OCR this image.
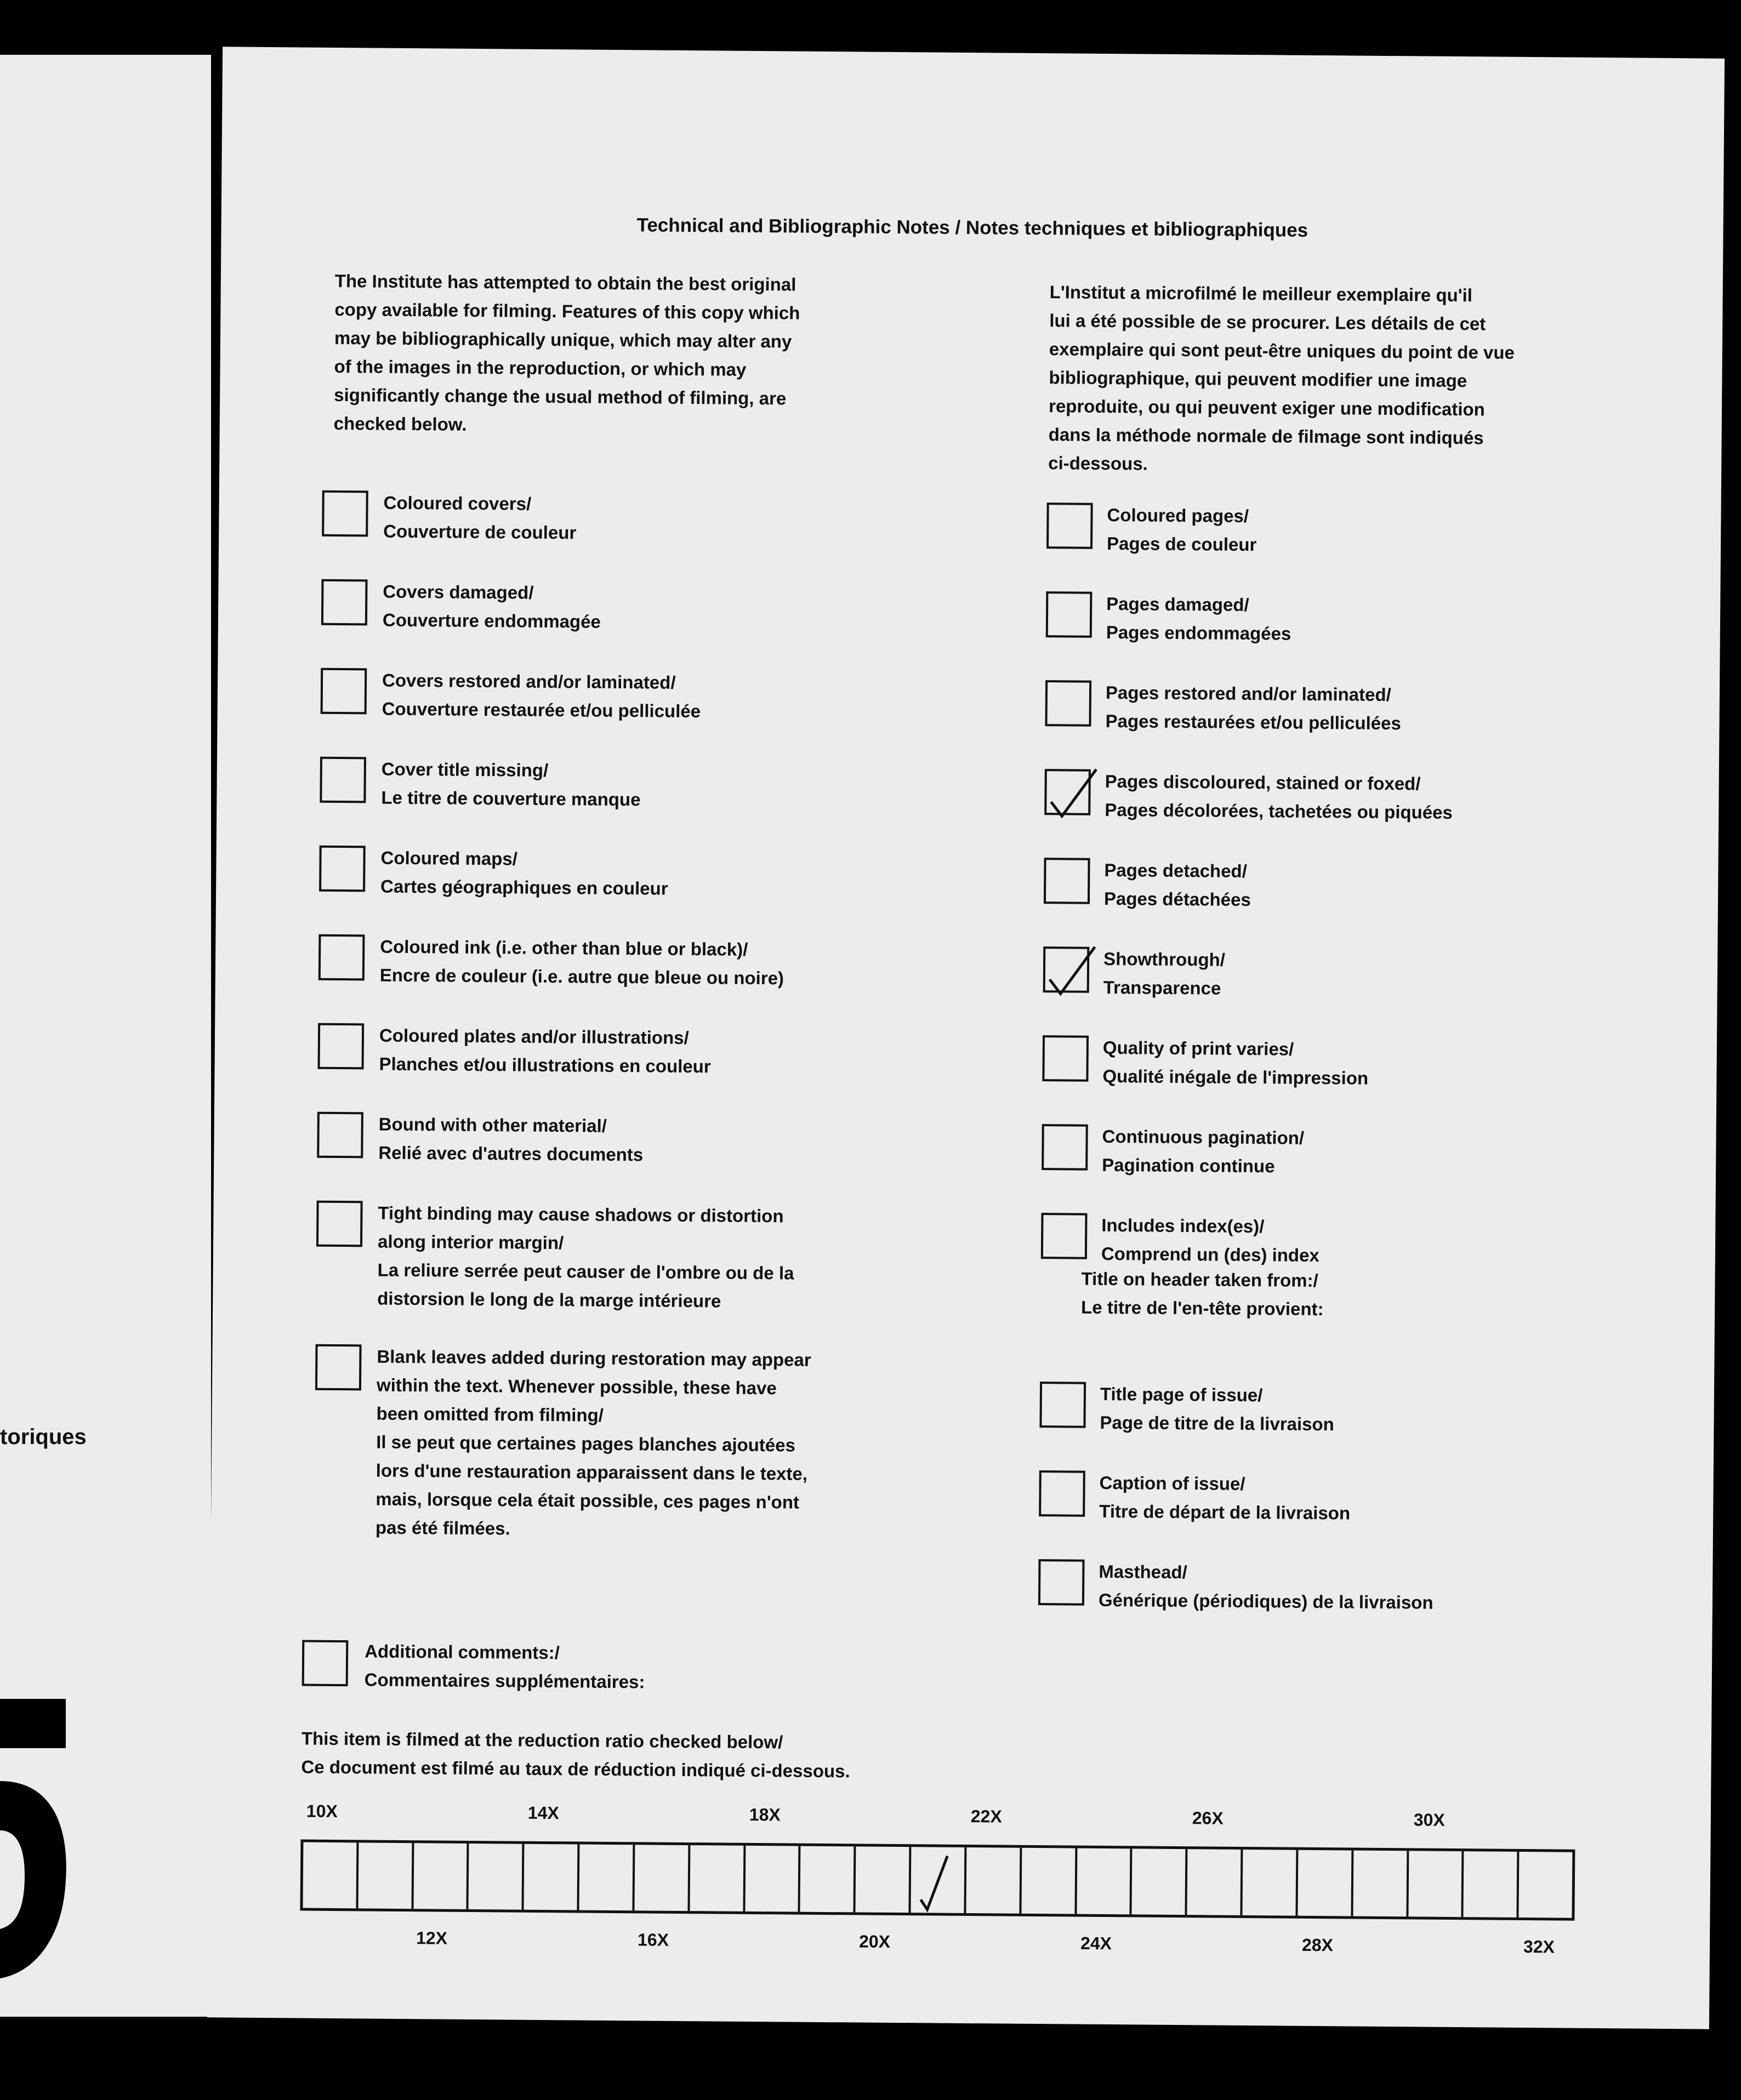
toriques
Technical and Bibliographic Notes / Notes techniques et bibliographiques
The Institute has attempted to obtain the best original
copy available for filming. Features of this copy which
may be bibliographically unique, which may alter any
of the images in the reproduction, or which may
significantly change the usual method of filming, are
checked below.
L'Institut a microfilmé le meilleur exemplaire qu'il
lui a été possible de se procurer. Les détails de cet
exemplaire qui sont peut-être uniques du point de vue
bibliographique, qui peuvent modifier une image
reproduite, ou qui peuvent exiger une modification
dans la méthode normale de filmage sont indiqués
ci-dessous.
Coloured covers/
Couverture de couleur
Covers damaged/
Couverture endommagée
Covers restored and/or laminated/
Couverture restaurée et/ou pelliculée
Cover title missing/
Le titre de couverture manque
Coloured maps/
Cartes géographiques en couleur
Coloured ink (i.e. other than blue or black)/
Encre de couleur (i.e. autre que bleue ou noire)
Coloured plates and/or illustrations/
Planches et/ou illustrations en couleur
Bound with other material/
Relié avec d'autres documents
Tight binding may cause shadows or distortion
along interior margin/
La reliure serrée peut causer de l'ombre ou de la
distorsion le long de la marge intérieure
Blank leaves added during restoration may appear
within the text. Whenever possible, these have
been omitted from filming/
Il se peut que certaines pages blanches ajoutées
lors d'une restauration apparaissent dans le texte,
mais, lorsque cela était possible, ces pages n'ont
pas été filmées.
Coloured pages/
Pages de couleur
Pages damaged/
Pages endommagées
Pages restored and/or laminated/
Pages restaurées et/ou pelliculées
Pages discoloured, stained or foxed/
Pages décolorées, tachetées ou piquées
Pages detached/
Pages détachées
Showthrough/
Transparence
Quality of print varies/
Qualité inégale de l'impression
Continuous pagination/
Pagination continue
Includes index(es)/
Comprend un (des) index
Title page of issue/
Page de titre de la livraison
Caption of issue/
Titre de départ de la livraison
Masthead/
Générique (périodiques) de la livraison
Title on header taken from:/
Le titre de l'en-tête provient:
Additional comments:/
Commentaires supplémentaires:
This item is filmed at the reduction ratio checked below/
Ce document est filmé au taux de réduction indiqué ci-dessous.
10X	14X	18X	22X	26X	30X
12X	16X	20X	24X	28X	32X
